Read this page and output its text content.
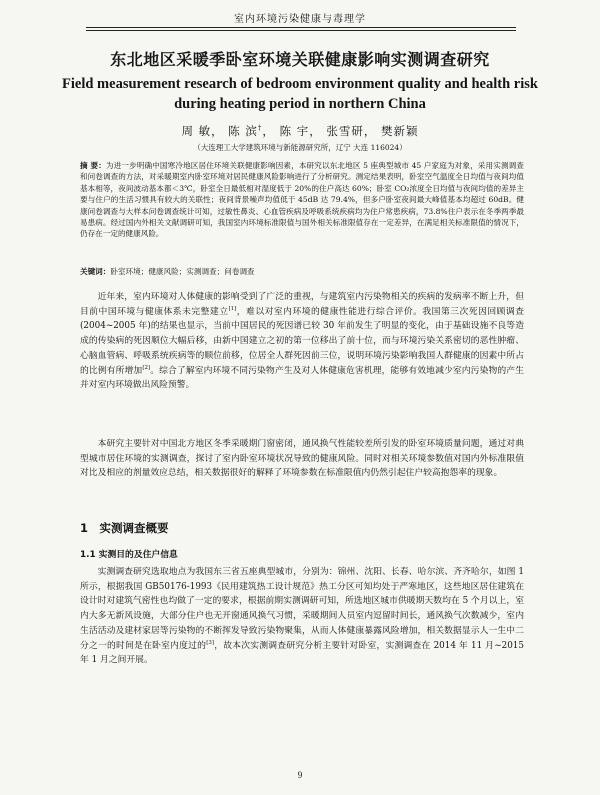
室内环境污染健康与毒理学
东北地区采暖季卧室环境关联健康影响实测调查研究
Field measurement research of bedroom environment quality and health risk during heating period in northern China
周 敏， 陈 滨†， 陈 宇， 张雪研， 樊新颖
（大连理工大学建筑环境与新能源研究所，辽宁 大连 116024）
摘 要：为进一步明确中国寒冷地区居住环境关联健康影响因素，本研究以东北地区 5 座典型城市 45 户家庭为对象，采用实测调查和问卷调查的方法，对采暖期室内卧室环境对居民健康风险影响进行了分析研究。测定结果表明，卧室空气温度全日均值与夜间均值基本相等，夜间波动基本都＜3℃，卧室全日最低相对湿度低于 20%的住户高达 60%；卧室 CO₂浓度全日均值与夜间均值的差异主要与住户的生活习惯具有较大的关联性；夜间背景噪声均值低于 45dB 达 79.4%，但多户卧室夜间最大峰值基本均超过 60dB。健康问卷调查与大样本问卷调查统计可知，过敏性鼻炎、心血管疾病及呼吸系统疾病均为住户常患疾病，73.8%住户表示在冬季两季最易患病。经过国内外相关文献调研可知，我国室内环境标准限值与国外相关标准限值存在一定差异，在满足相关标准限值的情况下，仍存在一定的健康风险。
关键词：卧室环境；健康风险；实测调查；问卷调查

近年来，室内环境对人体健康的影响受到了广泛的重视，与建筑室内污染物相关的疾病的发病率不断上升，但目前中国环境与健康体系未完整建立[1]，难以对室内环境的健康性能进行综合评价。我国第三次死因回顾调查(2004~2005 年)的结果也显示，当前中国居民的死因谱已较 30 年前发生了明显的变化，由于基础设施不良等造成的传染病的死因顺位大幅后移，由新中国建立之初的第一位移出了前十位，而与环境污染关系密切的恶性肿瘤、心脑血管病、呼吸系统疾病等的顺位前移，位居全人群死因前三位，说明环境污染影响我国人群健康的因素中所占的比例有所增加[2]。综合了解室内环境不同污染物产生及对人体健康危害机理，能够有效地减少室内污染物的产生并对室内环境做出风险预警。

本研究主要针对中国北方地区冬季采暖期门窗密闭，通风换气性能较差所引发的卧室环境质量问题，通过对典型城市居住环境的实测调查，探讨了室内卧室环境状况导致的健康风险。同时对相关环境参数值对国内外标准限值对比及相应的剂量效应总结，相关数据很好的解释了环境参数在标准限值内仍然引起住户较高抱怨率的现象。

1　实测调查概要
1.1 实测目的及住户信息

实测调查研究选取地点为我国东三省五座典型城市，分别为：锦州、沈阳、长春、哈尔滨、齐齐哈尔，如图 1 所示，根据我国 GB50176-1993《民用建筑热工设计规范》热工分区可知均处于严寒地区，这些地区居住建筑在设计时对建筑气密性也均做了一定的要求，根据前期实测调研可知，所选地区城市供暖期天数均在 5 个月以上，室内大多无新风设施，大部分住户也无开窗通风换气习惯，采暖期间人员室内逗留时间长，通风换气次数减少，室内生活活动及建材家居等污染物的不断挥发导致污染物聚集，从而人体健康暴露风险增加，相关数据显示人一生中二分之一的时间是在卧室内度过的[3]，故本次实测调查研究分析主要针对卧室，实测调查在 2014 年 11 月~2015 年 1 月之间开展。

9
